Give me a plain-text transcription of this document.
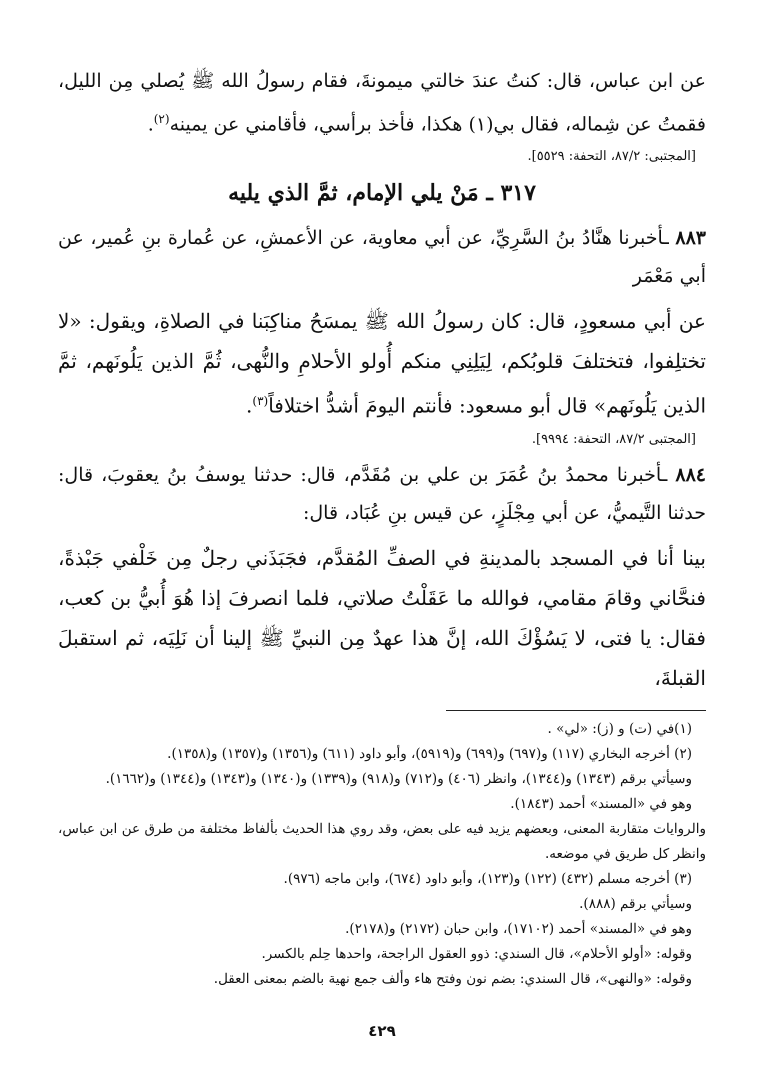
عن ابن عباس، قال: كنتُ عندَ خالتي ميمونةَ، فقام رسولُ الله ﷺ يُصلي مِن الليل، فقمتُ عن شِماله، فقال بي(١) هكذا، فأخذ برأسي، فأقامني عن يمينه$^{(٢)}$.

[المجتبى: ٨٧/٢، التحفة: ٥٥٢٩].

٣١٧ ـ مَنْ يلي الإمام، ثمَّ الذي يليه

٨٨٣ ـأخبرنا هنَّادُ بنُ السَّرِيِّ، عن أبي معاوية، عن الأعمشِ، عن عُمارة بنِ عُمير، عن أبي مَعْمَر

عن أبي مسعودٍ، قال: كان رسولُ الله ﷺ يمسَحُ مناكِبَنا في الصلاةِ، ويقول: «لا تختلِفوا، فتختلفَ قلوبُكم، لِيَلِنِي منكم أُولو الأحلامِ والنُّهى، ثُمَّ الذين يَلُونَهم، ثمَّ الذين يَلُونَهم» قال أبو مسعود: فأنتم اليومَ أشدُّ اختلافاً$^{(٣)}$.

[المجتبى ٨٧/٢، التحفة: ٩٩٩٤].

٨٨٤ ـأخبرنا محمدُ بنُ عُمَرَ بن علي بن مُقَدَّم، قال: حدثنا يوسفُ بنُ يعقوبَ، قال: حدثنا التَّيميُّ، عن أبي مِجْلَزٍ، عن قيس بنِ عُبَاد، قال:

بينا أنا في المسجد بالمدينةِ في الصفِّ المُقدَّم، فجَبَذَني رجلٌ مِن خَلْفي جَبْذةً، فنحَّاني وقامَ مقامي، فوالله ما عَقَلْتُ صلاتي، فلما انصرفَ إذا هُوَ أُبيُّ بن كعب، فقال: يا فتى، لا يَسُؤْكَ الله، إنَّ هذا عهدٌ مِن النبيِّ ﷺ إلينا أن نَلِيَه، ثم استقبلَ القبلةَ،

(١)في (ت) و (ز): «لي» .

(٢) أخرجه البخاري (١١٧) و(٦٩٧) و(٦٩٩) و(٥٩١٩)، وأبو داود (٦١١) و(١٣٥٦) و(١٣٥٧) و(١٣٥٨).

وسيأتي برقم (١٣٤٣) و(١٣٤٤)، وانظر (٤٠٦) و(٧١٢) و(٩١٨) و(١٣٣٩) و(١٣٤٠) و(١٣٤٣) و(١٣٤٤) و(١٦٦٢).

وهو في «المسند» أحمد (١٨٤٣).

والروايات متقاربة المعنى، وبعضهم يزيد فيه على بعض، وقد روي هذا الحديث بألفاظ مختلفة من طرق عن ابن عباس، وانظر كل طريق في موضعه.

(٣) أخرجه مسلم (٤٣٢) (١٢٢) و(١٢٣)، وأبو داود (٦٧٤)، وابن ماجه (٩٧٦).

وسيأتي برقم (٨٨٨).

وهو في «المسند» أحمد (١٧١٠٢)، وابن حبان (٢١٧٢) و(٢١٧٨).

وقوله: «أولو الأحلام»، قال السندي: ذوو العقول الراجحة، واحدها حِلم بالكسر.

وقوله: «والنهى»، قال السندي: بضم نون وفتح هاء وألف جمع نهية بالضم بمعنى العقل.

٤٢٩
